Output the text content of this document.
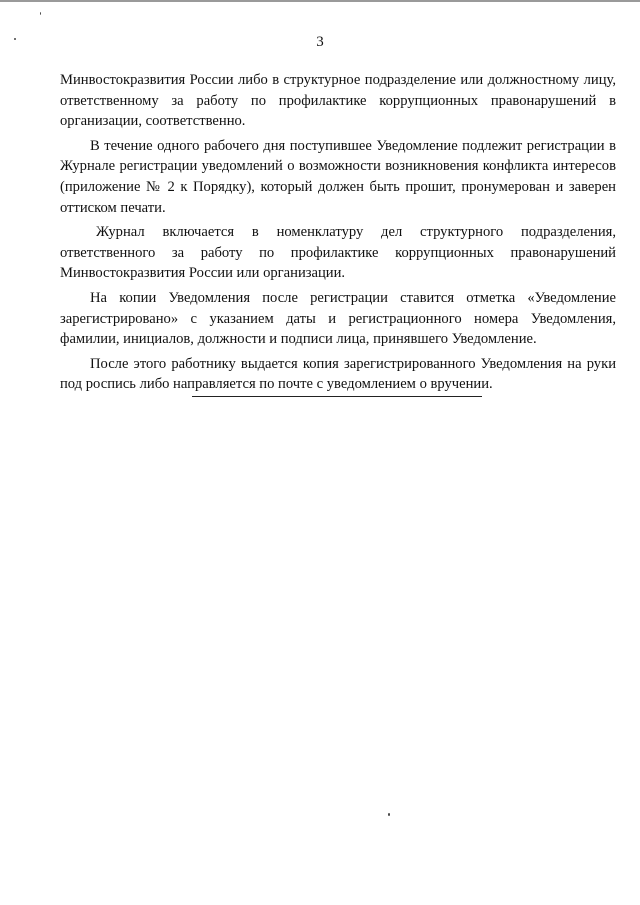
3

Минвостокразвития России либо в структурное подразделение или должностному лицу, ответственному за работу по профилактике коррупционных правонарушений в организации, соответственно.

В течение одного рабочего дня поступившее Уведомление подлежит регистрации в Журнале регистрации уведомлений о возможности возникновения конфликта интересов (приложение № 2 к Порядку), который должен быть прошит, пронумерован и заверен оттиском печати.

Журнал включается в номенклатуру дел структурного подразделения, ответственного за работу по профилактике коррупционных правонарушений Минвостокразвития России или организации.

На копии Уведомления после регистрации ставится отметка «Уведомление зарегистрировано» с указанием даты и регистрационного номера Уведомления, фамилии, инициалов, должности и подписи лица, принявшего Уведомление.

После этого работнику выдается копия зарегистрированного Уведомления на руки под роспись либо направляется по почте с уведомлением о вручении.
